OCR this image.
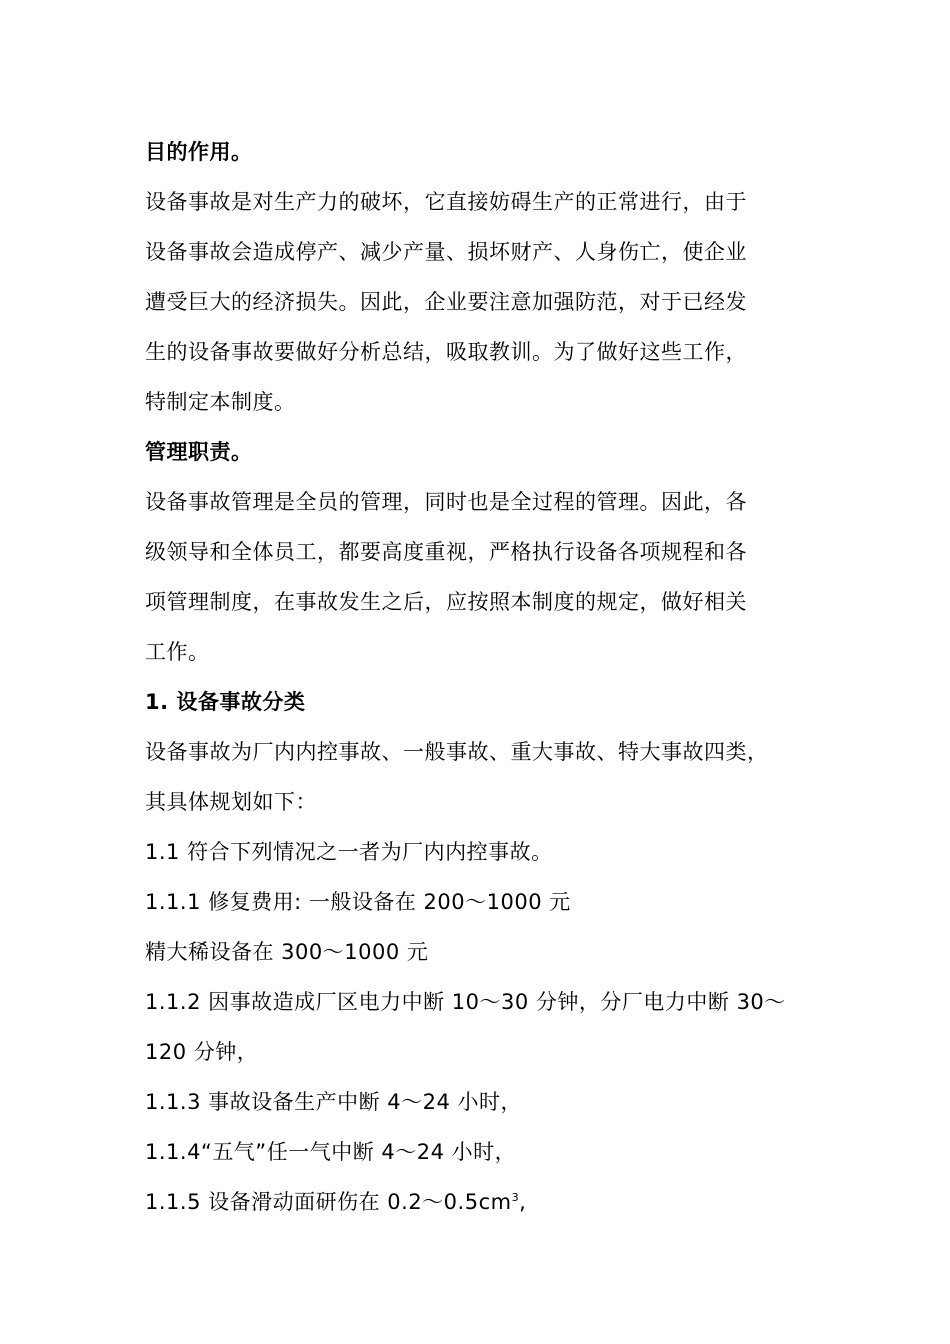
目的作用。
设备事故是对生产力的破坏，它直接妨碍生产的正常进行，由于
设备事故会造成停产、减少产量、损坏财产、人身伤亡，使企业
遭受巨大的经济损失。因此，企业要注意加强防范，对于已经发
生的设备事故要做好分析总结，吸取教训。为了做好这些工作，
特制定本制度。
管理职责。
设备事故管理是全员的管理，同时也是全过程的管理。因此，各
级领导和全体员工，都要高度重视，严格执行设备各项规程和各
项管理制度，在事故发生之后，应按照本制度的规定，做好相关
工作。
1. 设备事故分类
设备事故为厂内内控事故、一般事故、重大事故、特大事故四类，
其具体规划如下：
1.1 符合下列情况之一者为厂内内控事故。
1.1.1 修复费用: 一般设备在 200～1000 元
精大稀设备在 300～1000 元
1.1.2 因事故造成厂区电力中断 10～30 分钟，分厂电力中断 30～
120 分钟，
1.1.3 事故设备生产中断 4～24 小时，
1.1.4“五气”任一气中断 4～24 小时，
1.1.5 设备滑动面研伤在 $0.2\sim 0.5cm^3$,
